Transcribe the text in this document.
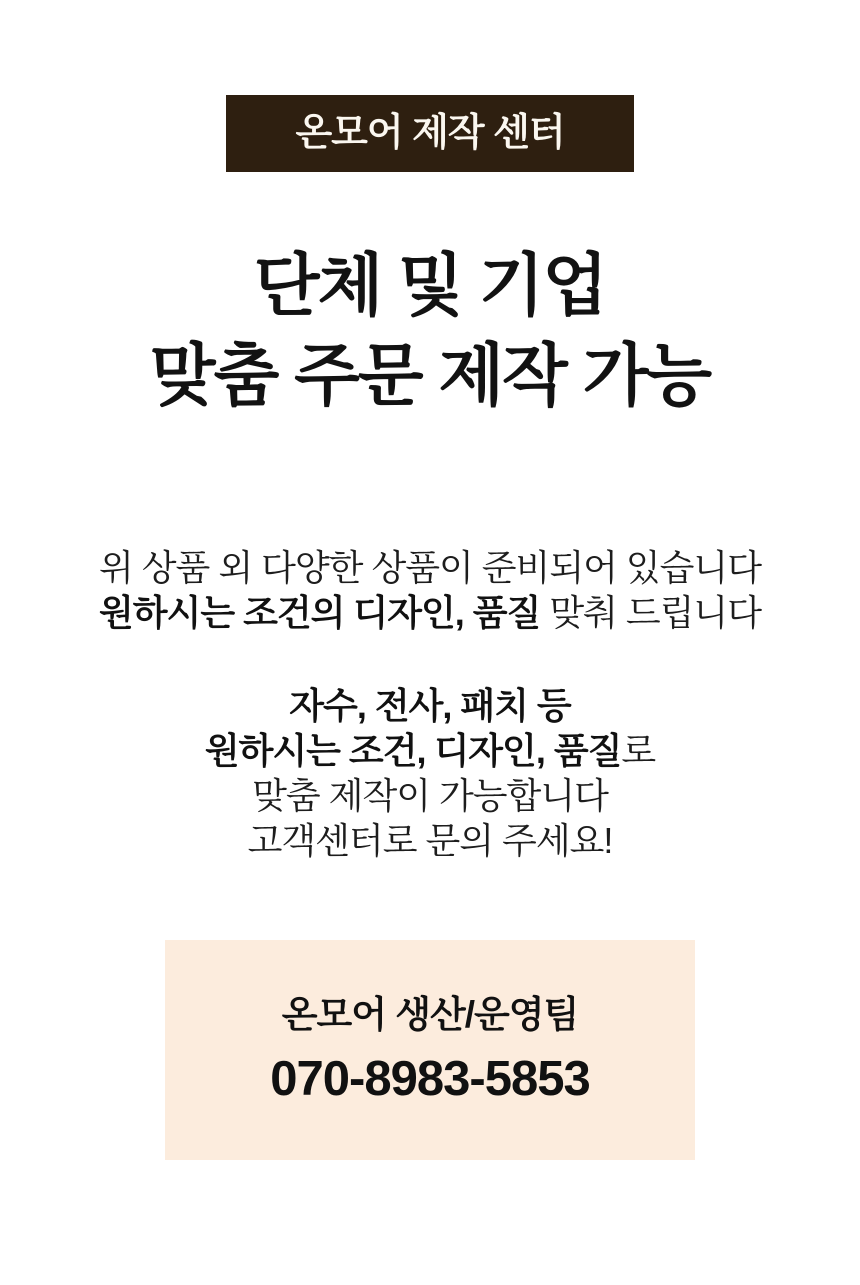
온모어 제작 센터
단체 및 기업
맞춤 주문 제작 가능
위 상품 외 다양한 상품이 준비되어 있습니다
원하시는 조건의 디자인, 품질 맞춰 드립니다
자수, 전사, 패치 등
원하시는 조건, 디자인, 품질로
맞춤 제작이 가능합니다
고객센터로 문의 주세요!
온모어 생산/운영팀
070-8983-5853
